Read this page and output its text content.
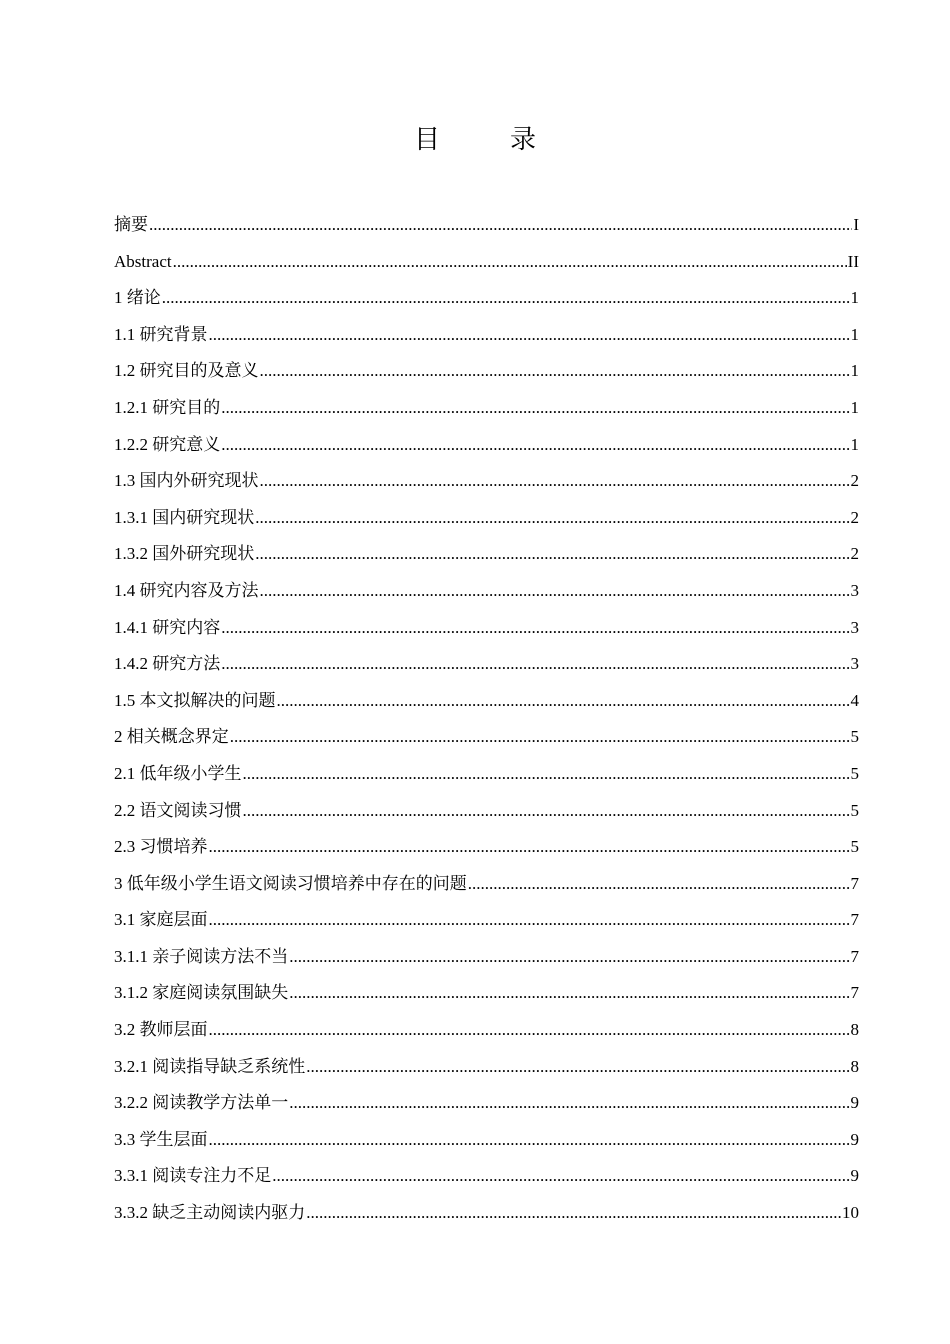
目　录
摘要 .....	I
Abstract .....	II
1 绪论 .....	1
1.1 研究背景 .....	1
1.2 研究目的及意义 .....	1
1.2.1 研究目的 .....	1
1.2.2 研究意义 .....	1
1.3 国内外研究现状 .....	2
1.3.1 国内研究现状 .....	2
1.3.2 国外研究现状 .....	2
1.4 研究内容及方法 .....	3
1.4.1 研究内容 .....	3
1.4.2 研究方法 .....	3
1.5 本文拟解决的问题 .....	4
2 相关概念界定 .....	5
2.1 低年级小学生 .....	5
2.2 语文阅读习惯 .....	5
2.3 习惯培养 .....	5
3 低年级小学生语文阅读习惯培养中存在的问题 .....	7
3.1 家庭层面 .....	7
3.1.1 亲子阅读方法不当 .....	7
3.1.2 家庭阅读氛围缺失 .....	7
3.2 教师层面 .....	8
3.2.1 阅读指导缺乏系统性 .....	8
3.2.2 阅读教学方法单一 .....	9
3.3 学生层面 .....	9
3.3.1 阅读专注力不足 .....	9
3.3.2 缺乏主动阅读内驱力 .....	10
